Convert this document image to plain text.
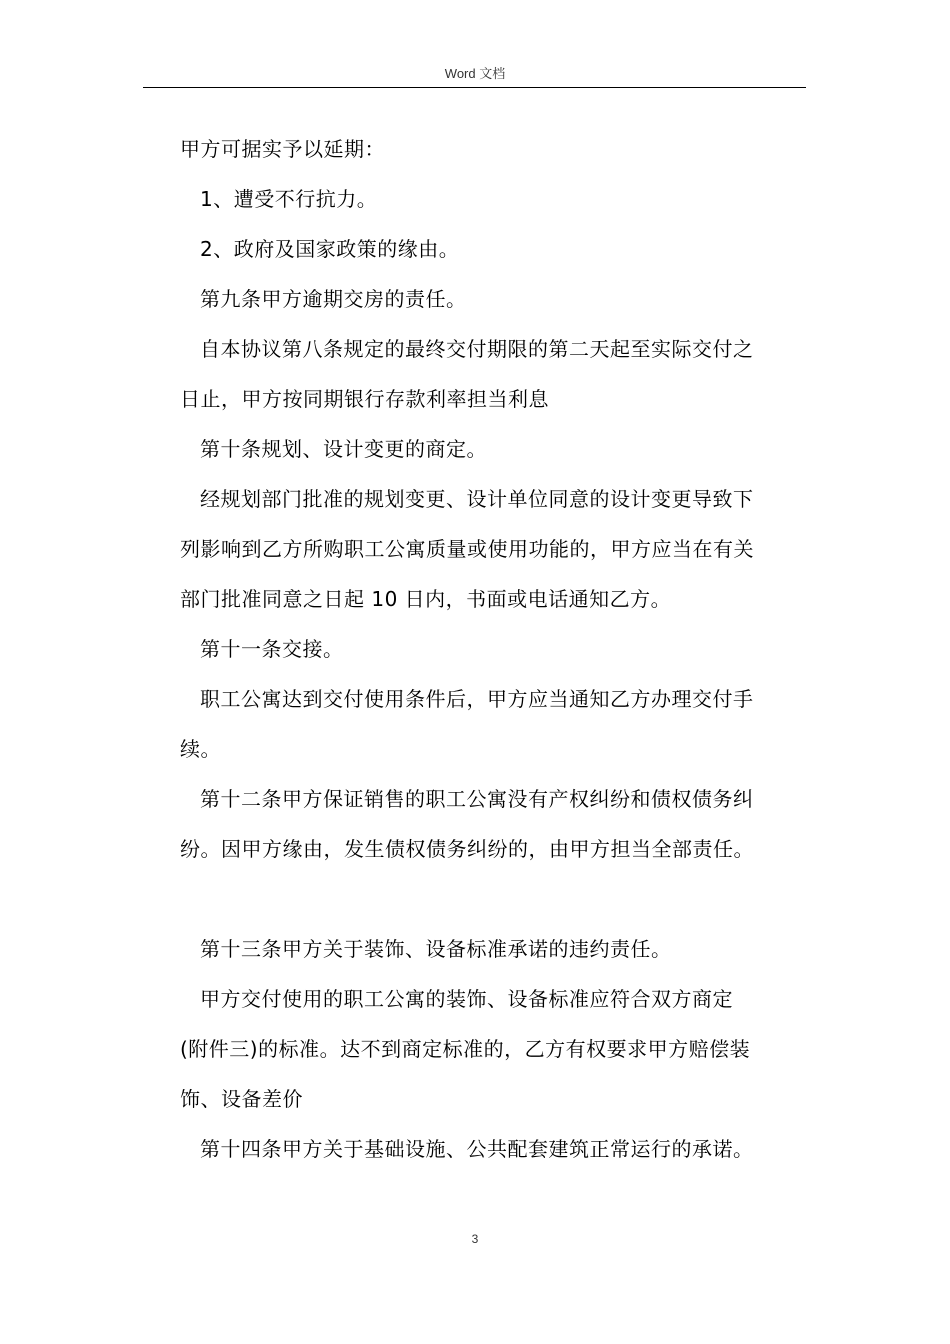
Word 文档
甲方可据实予以延期：
1、遭受不行抗力。
2、政府及国家政策的缘由。
第九条甲方逾期交房的责任。
自本协议第八条规定的最终交付期限的第二天起至实际交付之
日止，甲方按同期银行存款利率担当利息
第十条规划、设计变更的商定。
经规划部门批准的规划变更、设计单位同意的设计变更导致下
列影响到乙方所购职工公寓质量或使用功能的，甲方应当在有关
部门批准同意之日起 10 日内，书面或电话通知乙方。
第十一条交接。
职工公寓达到交付使用条件后，甲方应当通知乙方办理交付手
续。
第十二条甲方保证销售的职工公寓没有产权纠纷和债权债务纠
纷。因甲方缘由，发生债权债务纠纷的，由甲方担当全部责任。
第十三条甲方关于装饰、设备标准承诺的违约责任。
甲方交付使用的职工公寓的装饰、设备标准应符合双方商定
(附件三)的标准。达不到商定标准的，乙方有权要求甲方赔偿装
饰、设备差价
第十四条甲方关于基础设施、公共配套建筑正常运行的承诺。
3
